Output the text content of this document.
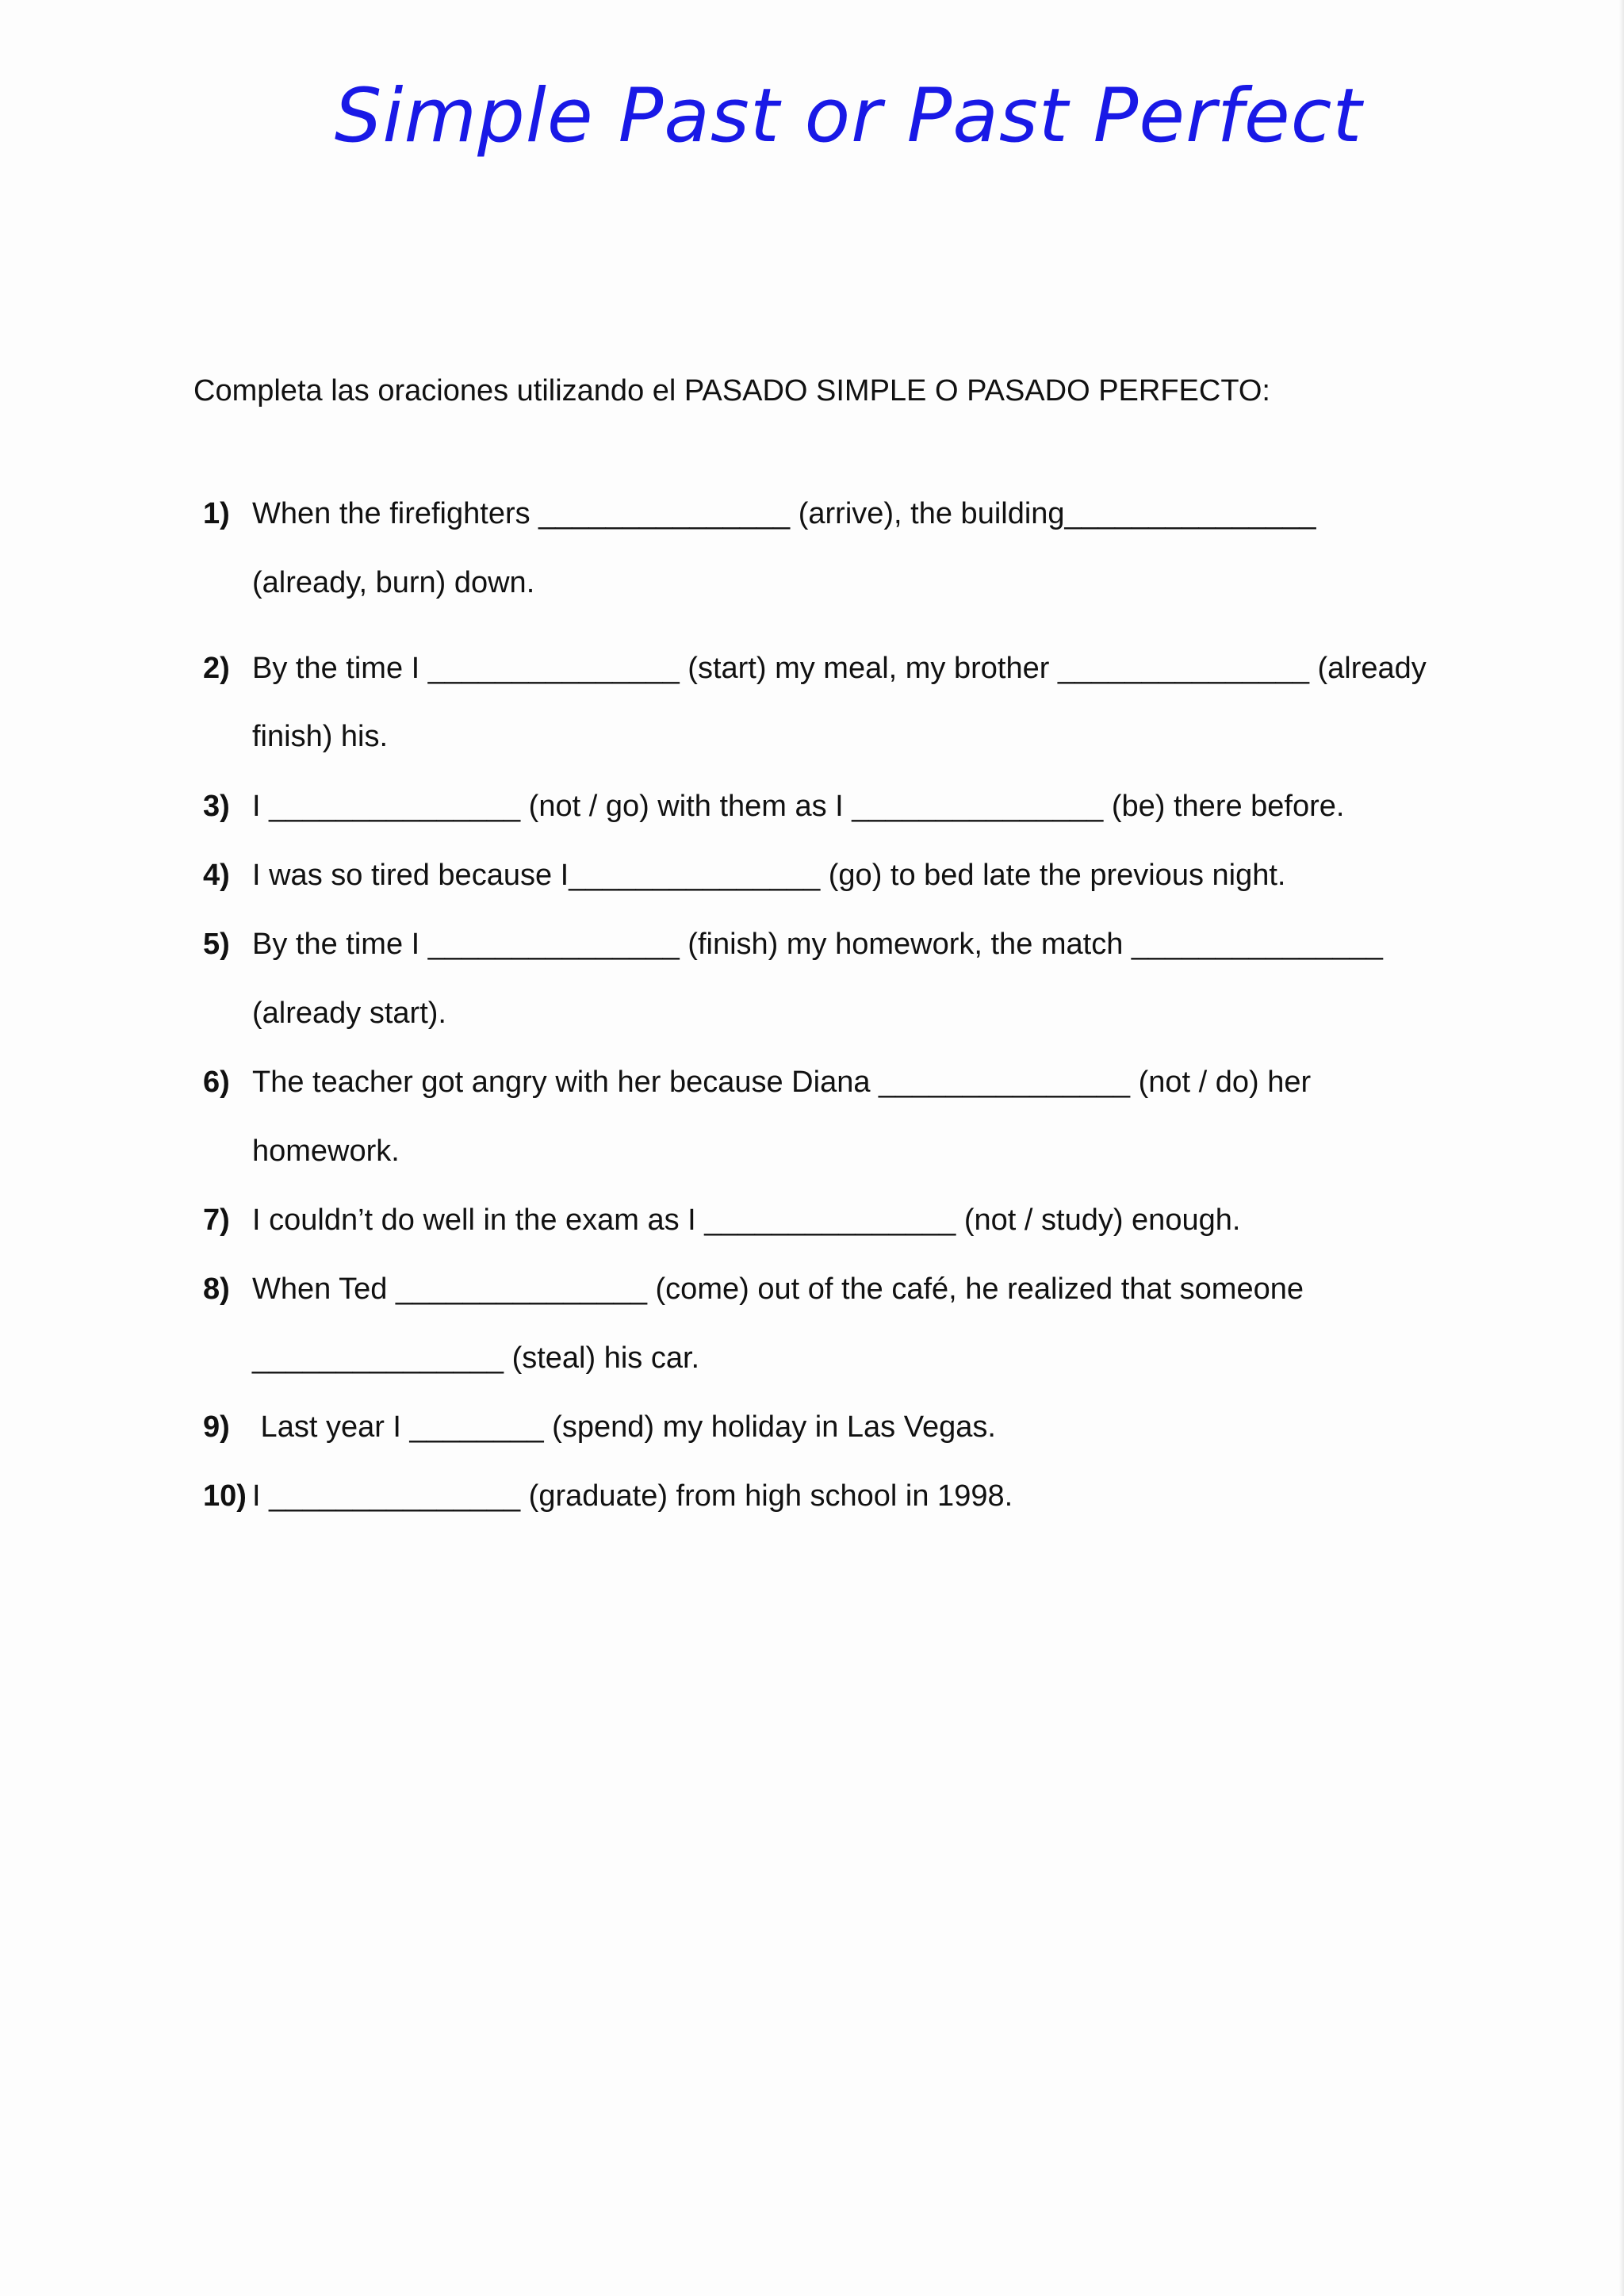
Simple Past or Past Perfect

Completa las oraciones utilizando el PASADO SIMPLE O PASADO PERFECTO:

1) When the firefighters _______________ (arrive), the building_______________
(already, burn) down.
2) By the time I _______________ (start) my meal, my brother _______________ (already
finish) his.
3) I _______________ (not / go) with them as I _______________ (be) there before.
4) I was so tired because I_______________ (go) to bed late the previous night.
5) By the time I _______________ (finish) my homework, the match _______________
(already start).
6) The teacher got angry with her because Diana _______________ (not / do) her
homework.
7) I couldn’t do well in the exam as I _______________ (not / study) enough.
8) When Ted _______________ (come) out of the café, he realized that someone
_______________ (steal) his car.
9) Last year I ________ (spend) my holiday in Las Vegas.
10) I _______________ (graduate) from high school in 1998.
